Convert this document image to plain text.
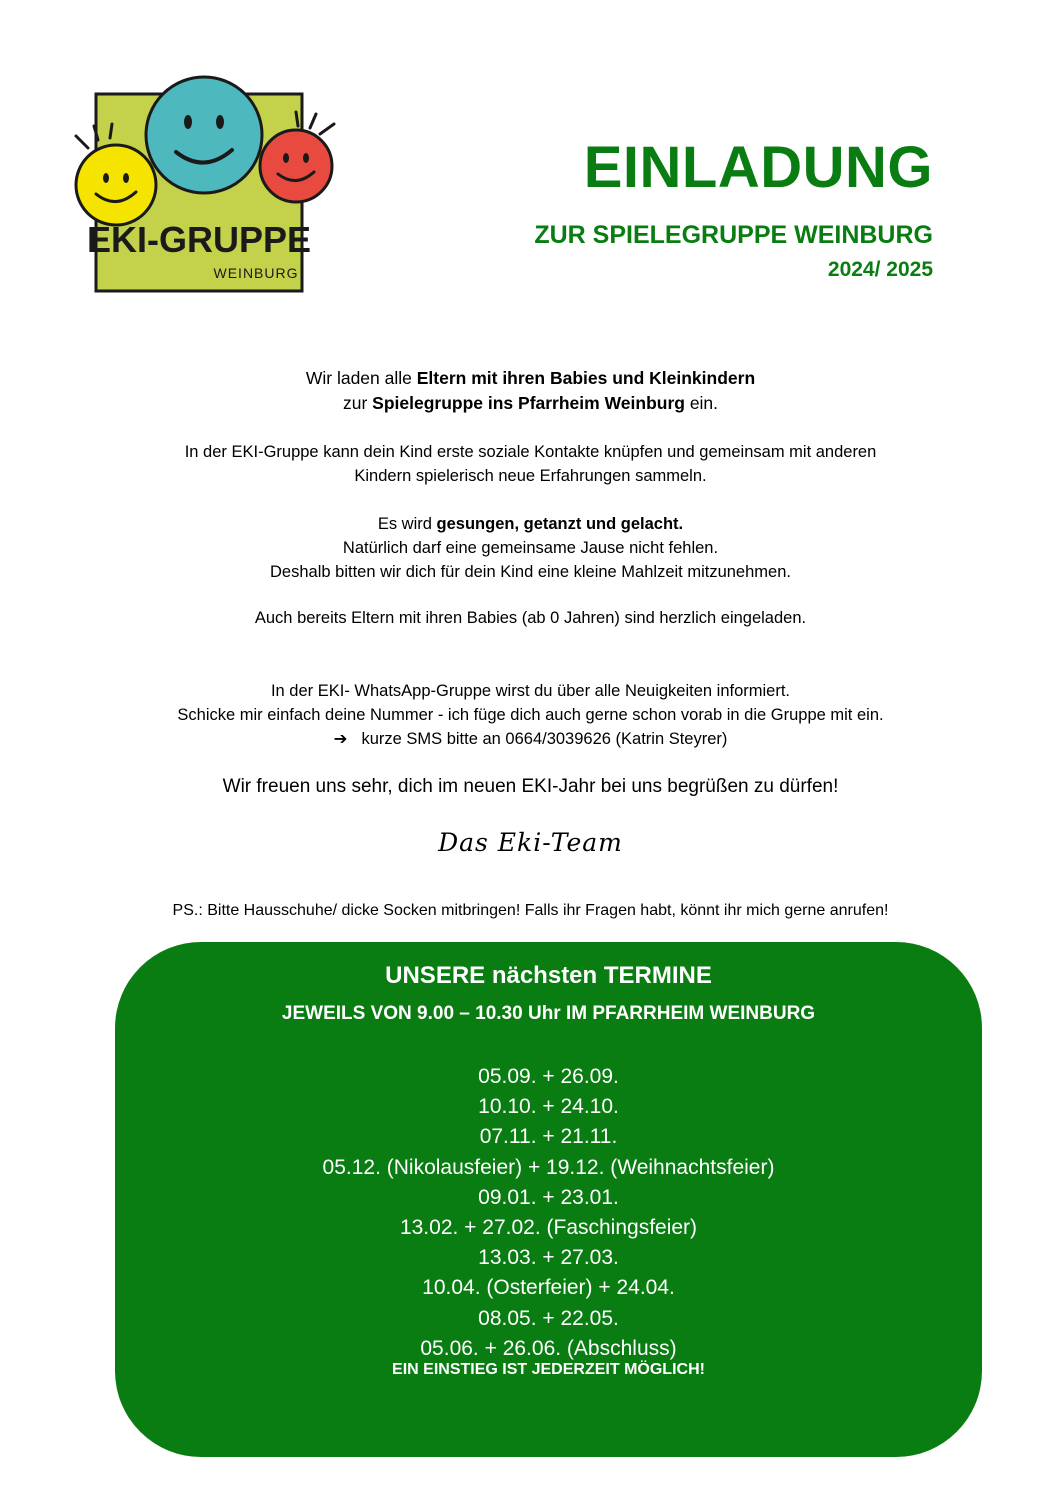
EKI-GRUPPE
WEINBURG
EINLADUNG
ZUR SPIELEGRUPPE WEINBURG
2024/ 2025
Wir laden alle Eltern mit ihren Babies und Kleinkindern
zur Spielegruppe ins Pfarrheim Weinburg ein.
In der EKI-Gruppe kann dein Kind erste soziale Kontakte knüpfen und gemeinsam mit anderen
Kindern spielerisch neue Erfahrungen sammeln.
Es wird gesungen, getanzt und gelacht.
Natürlich darf eine gemeinsame Jause nicht fehlen.
Deshalb bitten wir dich für dein Kind eine kleine Mahlzeit mitzunehmen.
Auch bereits Eltern mit ihren Babies (ab 0 Jahren) sind herzlich eingeladen.
In der EKI- WhatsApp-Gruppe wirst du über alle Neuigkeiten informiert.
Schicke mir einfach deine Nummer - ich füge dich auch gerne schon vorab in die Gruppe mit ein.
➔ kurze SMS bitte an 0664/3039626 (Katrin Steyrer)
Wir freuen uns sehr, dich im neuen EKI-Jahr bei uns begrüßen zu dürfen!
Das Eki-Team
PS.: Bitte Hausschuhe/ dicke Socken mitbringen! Falls ihr Fragen habt, könnt ihr mich gerne anrufen!
UNSERE nächsten TERMINE
JEWEILS VON 9.00 – 10.30 Uhr IM PFARRHEIM WEINBURG
05.09. + 26.09.
10.10. + 24.10.
07.11. + 21.11.
05.12. (Nikolausfeier) + 19.12. (Weihnachtsfeier)
09.01. + 23.01.
13.02. + 27.02. (Faschingsfeier)
13.03. + 27.03.
10.04. (Osterfeier) + 24.04.
08.05. + 22.05.
05.06. + 26.06. (Abschluss)
EIN EINSTIEG IST JEDERZEIT MÖGLICH!
